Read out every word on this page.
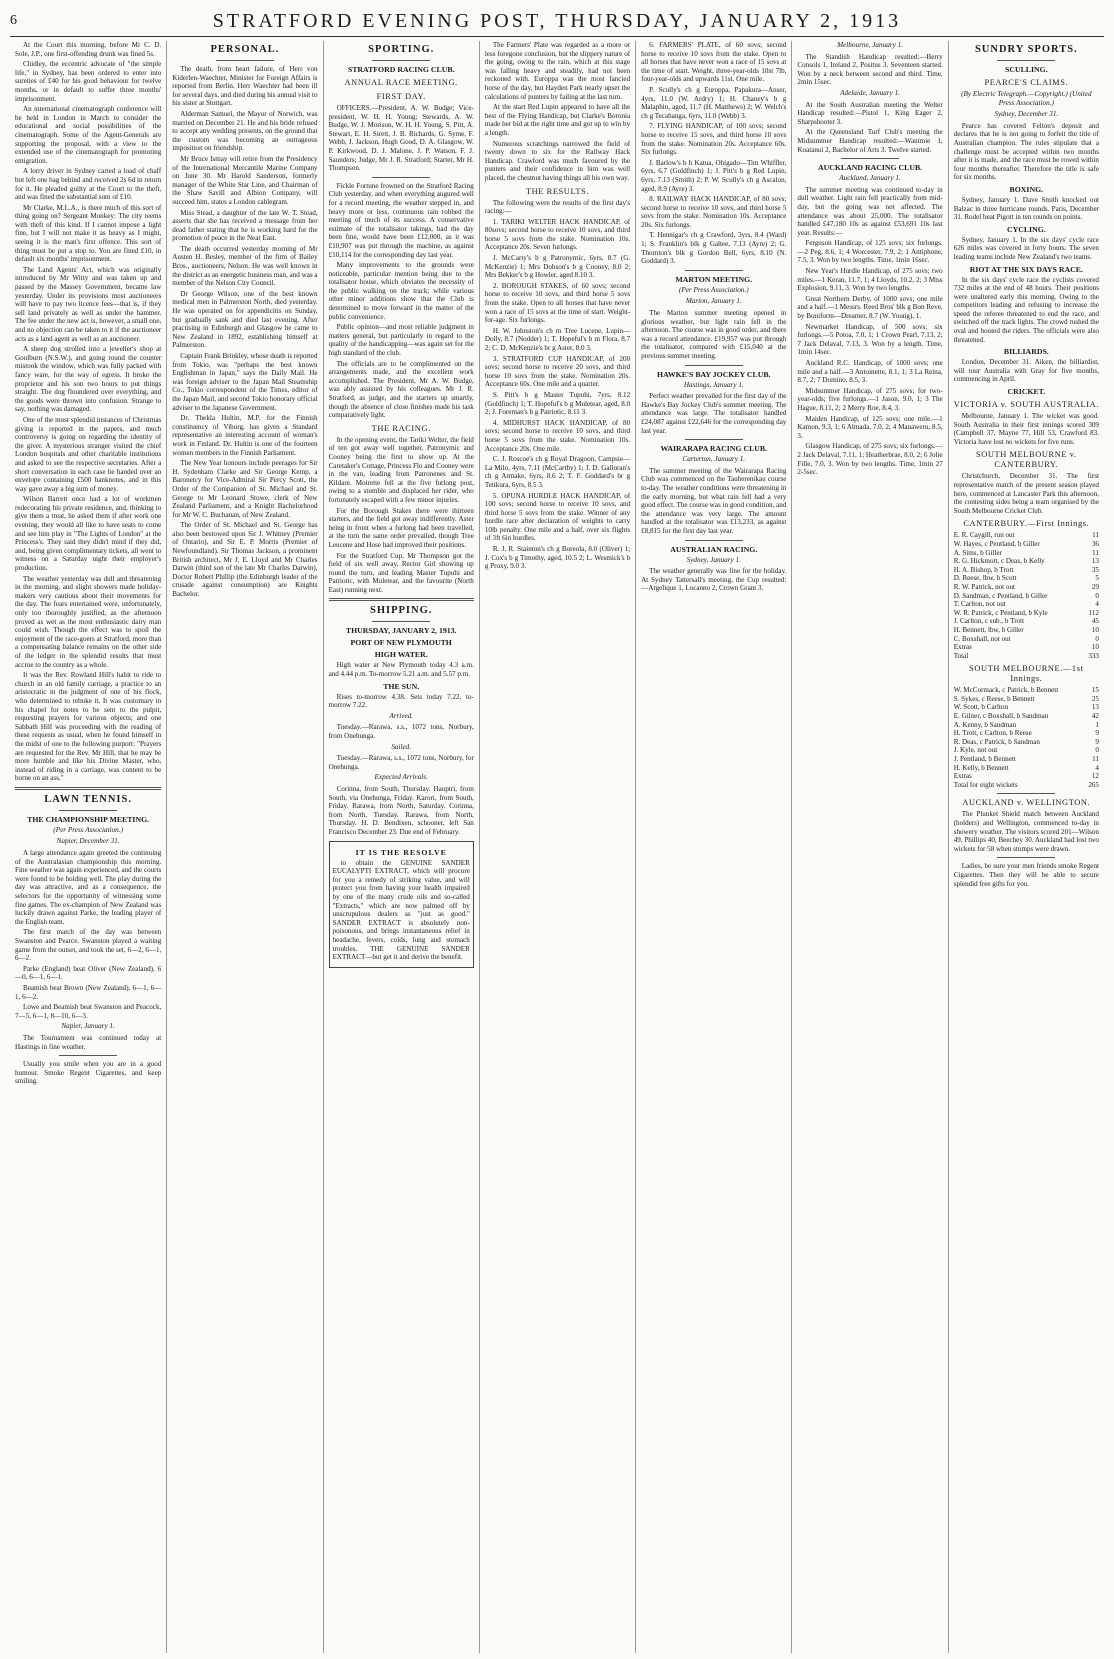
6	STRATFORD EVENING POST, THURSDAY, JANUARY 2, 1913

At the Court this morning, before Mr C. D. Sole, J.P., one first-offending drunk was fined 5s.

Chidley, the eccentric advocate of "the simple life," in Sydney, has been ordered to enter into sureties of £40 for his good behaviour for twelve months, or in default to suffer three months' imprisonment.

An international cinematograph conference will be held in London in March to consider the educational and social possibilities of the cinematograph. Some of the Agent-Generals are supporting the proposal, with a view to the extended use of the cinematograph for promoting emigration.

A lorry driver in Sydney carted a load of chaff but left one bag behind and received 2s 6d in return for it. He pleaded guilty at the Court to the theft, and was fined the substantial sum of £10.

Mr Clarke, M.L.A., is there much of this sort of thing going on? Sergeant Monkey: The city teems with theft of this kind. If I cannot impose a light fine, but I will not make it as heavy as I might, seeing it is the man's first offence. This sort of thing must be put a stop to. You are fined £10, in default six months' imprisonment.

The Land Agents' Act, which was originally introduced by Mr Witty and was taken up and passed by the Massey Government, became law yesterday. Under its provisions most auctioneers will have to pay two licence fees—that is, if they sell land privately as well as under the hammer. The fee under the new act is, however, a small one, and no objection can be taken to it if the auctioneer acts as a land agent as well as an auctioneer.

A sheep dog strolled into a jeweller's shop at Goulburn (N.S.W.), and going round the counter mistook the window, which was fully packed with fancy ware, for the way of egress. It broke the proprietor and his son two hours to put things straight. The dog floundered over everything, and the goods were thrown into confusion. Strange to say, nothing was damaged.

One of the most splendid instances of Christmas giving is reported in the papers, and much controversy is going on regarding the identity of the giver. A mysterious stranger visited the chief London hospitals and other charitable institutions and asked to see the respective secretaries. After a short conversation in each case he handed over an envelope containing £500 banknotes, and in this way gave away a big sum of money.

Wilson Barrett once had a lot of workmen redecorating his private residence, and, thinking to give them a treat, he asked them if after work one evening, they would all like to have seats to come and see him play in "The Lights of London" at the Princess's. They said they didn't mind if they did, and, being given complimentary tickets, all went to witness on a Saturday night their employer's production.

The weather yesterday was dull and threatening in the morning, and slight showers made holiday-makers very cautious about their movements for the day. The fears entertained were, unfortunately, only too thoroughly justified, as the afternoon proved as wet as the most enthusiastic dairy man could wish. Though the effect was to spoil the enjoyment of the race-goers at Stratford, more than a compensating balance remains on the other side of the ledger in the splendid results that must accrue to the country as a whole.

It was the Rev. Rowland Hill's habit to ride to church in an old family carriage, a practice to an aristocratic in the judgment of one of his flock, who determined to rebuke it. It was customary in his chapel for notes to be sent to the pulpit, requesting prayers for various objects; and one Sabbath Hill was proceeding with the reading of these requests as usual, when he found himself in the midst of one to the following purport: "Prayers are requested for the Rev. Mr Hill, that he may be more humble and like his Divine Master, who, instead of riding in a carriage, was content to be borne on an ass."

LAWN TENNIS.
THE CHAMPIONSHIP MEETING.
(Per Press Association.)
Napier, December 31.

A large attendance again greeted the continuing of the Australasian championship this morning. Fine weather was again experienced, and the courts were found to be holding well. The play during the day was attractive, and as a consequence, the selectors for the opportunity of witnessing some fine games. The ex-champion of New Zealand was luckily drawn against Parke, the leading player of the English team.

The first match of the day was between Swanston and Pearce. Swanston played a waiting game from the outset, and took the set, 6—2, 6—1, 6—2.

Parke (England) beat Oliver (New Zealand), 6—0, 6—1, 6—1.

Beamish beat Brown (New Zealand), 6—1, 6—1, 6—2.

Lowe and Beamish beat Swanston and Peacock, 7—5, 6—1, 8—10, 6—3.

Napier, January 1.

The Tournament was continued today at Hastings in fine weather.

Usually you smile when you are in a good humour. Smoke Regent Cigarettes, and keep smiling.

PERSONAL.

The death, from heart failure, of Herr von Kiderlen-Waechter, Minister for Foreign Affairs is reported from Berlin. Herr Waechter had been ill for several days, and died during his annual visit to his sister at Stuttgart.

Alderman Samuel, the Mayor of Norwich, was married on December 21. He and his bride refused to accept any wedding presents, on the ground that the custom was becoming an outrageous imposition on friendship.

Mr Bruce Ismay will retire from the Presidency of the International Mercantile Marine Company on June 30. Mr Harold Sanderson, formerly manager of the White Star Line, and Chairman of the Shaw Savill and Albion Company, will succeed him, states a London cablegram.

Miss Stead, a daughter of the late W. T. Stead, asserts that she has received a message from her dead father stating that he is working hard for the promotion of peace in the Near East.

The death occurred yesterday morning of Mr Austen H. Besley, member of the firm of Bailey Bros., auctioneers, Nelson. He was well known in the district as an energetic business man, and was a member of the Nelson City Council.

Dr George Wilson, one of the best known medical men in Palmerston North, died yesterday. He was operated on for appendicitis on Sunday, but gradually sank and died last evening. After practising in Edinburgh and Glasgow he came to New Zealand in 1892, establishing himself at Palmerston.

Captain Frank Brinkley, whose death is reported from Tokio, was "perhaps the best known Englishman in Japan," says the Daily Mail. He was foreign adviser to the Japan Mail Steamship Co., Tokio correspondent of the Times, editor of the Japan Mail, and second Tokio honorary official adviser to the Japanese Government.

Dr. Thekla Hultin, M.P. for the Finnish constituency of Viborg, has given a Standard representative an interesting account of woman's work in Finland. Dr. Hultin is one of the fourteen women members in the Finnish Parliament.

The New Year honours include peerages for Sir H. Sydenham Clarke and Sir George Kemp, a Baronetcy for Vice-Admiral Sir Percy Scott, the Order of the Companion of St. Michael and St. George to Mr Leonard Stowe, clerk of New Zealand Parliament, and a Knight Bachelorhood for Mr W. C. Buchanan, of New Zealand.

The Order of St. Michael and St. George has also been bestowed upon Sir J. Whitney (Premier of Ontario), and Sir E. P. Morris (Premier of Newfoundland). Sir Thomas Jackson, a prominent British architect, Mr J. E. Lloyd and Mr Charles Darwin (third son of the late Mr Charles Darwin), Doctor Robert Phillip (the Edinburgh leader of the crusade against consumption) are Knights Bachelor.

SPORTING.
STRATFORD RACING CLUB.
ANNUAL RACE MEETING.
FIRST DAY.

OFFICERS.—President, A. W. Budge; Vice-president, W. H. H. Young; Stewards, A. W. Budge, W. J. Morison, W. H. H. Young, S. Pitt, A. Stewart, E. H. Sirett, J. B. Richards, G. Syme, F. Webb, J. Jackson, Hugh Good, D. A. Glasgow, W. P. Kirkwood, D. J. Malone, J. P. Watson, F. J. Saunders; Judge, Mr J. R. Stratford; Starter, Mr H. Thompson.

Fickle Fortune frowned on the Stratford Racing Club yesterday, and when everything augured well for a record meeting, the weather stepped in, and heavy more or less, continuous rain robbed the meeting of much of its success. A conservative estimate of the totalisator takings, had the day been fine, would have been £12,000, as it was £10,907 was put through the machine, as against £10,114 for the corresponding day last year.

Many improvements to the grounds were noticeable, particular mention being due to the totalisator house, which obviates the necessity of the public walking on the track; while various other minor additions show that the Club is determined to move forward in the matter of the public convenience.

Public opinion—and most reliable judgment in matters general, but particularly in regard to the quality of the handicapping—was again set for the high standard of the club.

The officials are to be complimented on the arrangements made, and the excellent work accomplished. The President, Mr A. W. Budge, was ably assisted by his colleagues. Mr J. R. Stratford, as judge, and the starters up smartly, though the absence of close finishes made his task comparatively light.

THE RACING.

In the opening event, the Tariki Welter, the field of ten got away well together, Patronymic and Cooney being the first to show up. At the Caretaker's Cottage, Princess Flo and Cooney were in the van, leading from Patronenes and St. Kildare. Moirette fell at the five furlong post, owing to a stumble and displaced her rider, who fortunately escaped with a few minor injuries.

For the Borough Stakes there were thirteen starters, and the field got away indifferently. Aster being in front when a furlong had been travelled, at the turn the same order prevailed, though Tree Leucene and Hose had improved their positions.

For the Stratford Cup, Mr Thompson got the field of six well away, Rector Girl showing up round the turn, and leading Master Tupuhi and Patriotic, with Muletear, and the favourite (North East) running next.

SHIPPING.
THURSDAY, JANUARY 2, 1913.
PORT OF NEW PLYMOUTH
HIGH WATER.

High water at New Plymouth today 4.3 a.m. and 4.44 p.m. To-morrow 5.21 a.m. and 5.57 p.m.

THE SUN.

Rises to-morrow 4.38. Sets today 7.22, to-morrow 7.22.

Arrived.

Tuesday.—Rarawa, s.s., 1072 tons, Norbury, from Onehunga.

Sailed.

Tuesday.—Rarawa, s.s., 1072 tons, Norbury, for Onehunga.

Expected Arrivals.

Corinna, from South, Thursday. Hauptri, from South, via Onehunga, Friday. Karori, from South, Friday. Rarawa, from North, Saturday. Corinna, from North, Tuesday. Rarawa, from North, Thursday. H. D. Bendixen, schooner, left San Francisco December 23. Due end of February.

IT IS THE RESOLVE

to obtain the GENUINE SANDER EUCALYPTI EXTRACT, which will procure for you a remedy of striking value, and will protect you from having your health impaired by one of the many crude oils and so-called "Extracts," which are now palmed off by unscrupulous dealers as "just as good." SANDER EXTRACT is absolutely non-poisonous, and brings instantaneous relief in headache, fevers, colds, lung and stomach troubles. THE GENUINE SANDER EXTRACT—but get it and derive the benefit.

The Farmers' Plate was regarded as a more or less foregone conclusion, but the slippery nature of the going, owing to the rain, which at this stage was falling heavy and steadily, had not been reckoned with. Europpa was the most fancied horse of the day, but Hayden Park nearly upset the calculations of punters by failing at the last turn.

At the start Red Lupin appeared to have all the best of the Flying Handicap, but Clarke's Boronia made her bid at the right time and got up to win by a length.

Numerous scratchings narrowed the field of twenty down to six for the Railway Hack Handicap. Crawford was much favoured by the punters and their confidence in him was well placed, the chestnut having things all his own way.

THE RESULTS.

The following were the results of the first day's racing:—

1. TARIKI WELTER HACK HANDICAP, of 80sovs; second horse to receive 10 sovs, and third horse 5 sovs from the stake. Nomination 10s. Acceptance 20s. Seven furlongs.

J. McCarty's b g Patronymic, 6yrs, 8.7 (G. McKenzie) 1; Mrs Dobson's b g Cooney, 8.0 2; Mrs Bekker's b g Howler, aged 8.10 3.

2. BOROUGH STAKES, of 60 sovs; second horse to receive 10 sovs, and third horse 5 sovs from the stake. Open to all horses that have never won a race of 15 sovs at the time of start. Weight-for-age. Six furlongs.

H. W. Johnston's ch m Tree Lucene, Lupin—Dolly, 8.7 (Nodder) 1; T. Hopeful's b m Flora, 8.7 2; C. D. McKenzie's br g Aster, 8.0 3.

3. STRATFORD CUP HANDICAP, of 200 sovs; second horse to receive 20 sovs, and third horse 10 sovs from the stake. Nomination 20s. Acceptance 60s. One mile and a quarter.

S. Pitt's b g Master Tupuhi, 7yrs, 8.12 (Goldfinch) 1; T. Hopeful's b g Muletear, aged, 8.0 2; J. Foreman's b g Patriotic, 8.11 3.

4. MIDHURST HACK HANDICAP, of 80 sovs; second horse to receive 10 sovs, and third horse 5 sovs from the stake. Nomination 10s. Acceptance 20s. One mile.

C. J. Roscoe's ch g Royal Dragoon, Campsie—La Milo, 4yrs, 7.11 (McCarthy) 1; J. D. Galloran's ch g Armake, 6yrs, 8.6 2; T. F. Goddard's br g Tetikura, 6yrs, 8.5 3.

5. OPUNA HURDLE HACK HANDICAP, of 100 sovs; second horse to receive 10 sovs, and third horse 5 sovs from the stake. Winner of any hurdle race after declaration of weights to carry 10lb penalty. One mile and a half, over six flights of 3ft 6in hurdles.

R. J. R. Stainton's ch g Boreola, 8.0 (Oliver) 1; J. Cox's b g Timothy, aged, 10.5 2; L. Wesmick's b g Proxy, 9.0 3.

6. FARMERS' PLATE, of 60 sovs; second horse to receive 10 sovs from the stake. Open to all horses that have never won a race of 15 sovs at the time of start. Weight, three-year-olds 10st 7lb, four-year-olds and upwards 11st. One mile.

P. Scully's ch g Europpa, Papakura—Anser, 4yrs, 11.0 (W. Ardry) 1; H. Chaney's b g Malaphin, aged, 11.7 (H. Matthews) 2; W. Welch's ch g Tecahanga, 6yrs, 11.0 (Webb) 3.

7. FLYING HANDICAP, of 100 sovs; second horse to receive 15 sovs, and third horse 10 sovs from the stake. Nomination 20s. Acceptance 60s. Six furlongs.

J. Barlow's b h Katua, Ohigado—Tim Whiffler, 6yrs, 6.7 (Goldfinch) 1; J. Pitt's b g Red Lupin, 6yrs, 7.13 (Smith) 2; P. W. Scully's ch g Ascalon, aged, 8.9 (Ayre) 3.

8. RAILWAY HACK HANDICAP, of 80 sovs; second horse to receive 10 sovs, and third horse 5 sovs from the stake. Nomination 10s. Acceptance 20s. Six furlongs.

T. Hennigar's ch g Crawford, 3yrs, 8.4 (Ward) 1; S. Franklin's blk g Galtee, 7.13 (Ayre) 2; G. Thornton's blk g Gordon Bell, 6yrs, 8.10 (N. Goddard) 3.

MARTON MEETING.
(Per Press Association.)
Marton, January 1.

The Marton summer meeting opened in glorious weather, but light rain fell in the afternoon. The course was in good order, and there was a record attendance. £19,957 was put through the totalisator, compared with £15,040 at the previous summer meeting.

HAWKE'S BAY JOCKEY CLUB.
Hastings, January 1.

Perfect weather prevailed for the first day of the Hawke's Bay Jockey Club's summer meeting. The attendance was large. The totalisator handled £24,087 against £22,646 for the corresponding day last year.

WAIRARAPA RACING CLUB.
Carterton, January 1.

The summer meeting of the Wairarapa Racing Club was commenced on the Tauherenikau course to-day. The weather conditions were threatening in the early morning, but what rain fell had a very good effect. The course was in good condition, and the attendance was very large. The amount handled at the totalisator was £13,233, as against £8,815 for the first day last year.

AUSTRALIAN RACING.
Sydney, January 1.

The weather generally was fine for the holiday. At Sydney Tattersall's meeting, the Cup resulted:—Argelique 1, Locanno 2, Crown Grant 3.

Melbourne, January 1.

The Standish Handicap resulted:—Berry Consols 1, Ireland 2, Positus 3. Seventeen started. Won by a neck between second and third. Time, 2min 15sec.

Adelaide, January 1.

At the South Australian meeting the Welter Handicap resulted:—Pistol 1, King Eager 2, Sharpshooter 3.

At the Queensland Turf Club's meeting the Midsummer Handicap resulted:—Wanimie 1, Koatanui 2, Bachelor of Arts 3. Twelve started.

AUCKLAND RACING CLUB.
Auckland, January 1.

The summer meeting was continued to-day in dull weather. Light rain fell practically from mid-day, but the going was not affected. The attendance was about 25,000. The totalisator handled £47,180 10s as against £53,691 10s last year. Results:—

Ferguson Handicap, of 125 sovs; six furlongs.—2 Peg, 8.6, 1; 4 Worcester, 7.9, 2; 1 Antiphone, 7.5, 3. Won by two lengths. Time, 1min 16sec.

New Year's Hurdle Handicap, of 275 sovs; two miles.—1 Keran, 11.7, 1; 4 Lloyds, 10.2, 2; 3 Miss Explosion, 9.11, 3. Won by two lengths.

Great Northern Derby, of 1000 sovs; one mile and a half.—1 Messrs. Reed Bros' blk g Bon Reve, by Boniform—Dreamer, 8.7 (W. Young), 1.

Newmarket Handicap, of 500 sovs; six furlongs.—5 Potoa, 7.0, 1; 1 Crown Pearl, 7.13, 2; 7 Jack Delaval, 7.13, 3. Won by a length. Time, 1min 14sec.

Auckland R.C. Handicap, of 1000 sovs; one mile and a half.—3 Antoinette, 8.1, 1; 3 La Reina, 8.7, 2; 7 Domino, 8.5, 3.

Midsummer Handicap, of 275 sovs; for two-year-olds; five furlongs.—1 Jason, 9.0, 1; 3 The Hague, 8.11, 2; 2 Merry Roe, 8.4, 3.

Maiden Handicap, of 125 sovs; one mile.—1 Kamon, 9.3, 1; 6 Almada, 7.0, 2; 4 Manaweru, 8.5, 3.

Glasgow Handicap, of 275 sovs; six furlongs.—2 Jack Delaval, 7.11, 1; Heatherbrae, 8.0, 2; 6 Jolie Fille, 7.0, 3. Won by two lengths. Time, 1min 27 2-5sec.

SUNDRY SPORTS.
SCULLING.
PEARCE'S CLAIMS.
(By Electric Telegraph.—Copyright.) (United Press Association.)
Sydney, December 31.

Pearce has covered Felton's deposit and declares that he is not going to forfeit the title of Australian champion. The rules stipulate that a challenge must be accepted within two months after it is made, and the race must be rowed within four months thereafter. Therefore the title is safe for six months.

BOXING.

Sydney, January 1. Dave Smith knocked out Balzac in three hurricane rounds. Paris, December 31. Rodel beat Pigott in ten rounds on points.

CYCLING.

Sydney, January 1. In the six days' cycle race 626 miles was covered in forty hours. The seven leading teams include New Zealand's two teams.

RIOT AT THE SIX DAYS RACE.

In the six days' cycle race the cyclists covered 732 miles at the end of 48 hours. Their positions were unaltered early this morning. Owing to the competitors leading and refusing to increase the speed the referee threatened to end the race, and switched off the track lights. The crowd rushed the oval and booted the riders. The officials were also threatened.

BILLIARDS.

London, December 31. Aiken, the billiardist, will tour Australia with Gray for five months, commencing in April.

CRICKET.
VICTORIA v. SOUTH AUSTRALIA.

Melbourne, January 1. The wicket was good. South Australia in their first innings scored 309 (Campbell 37, Mayne 77, Hill 53, Crawford 83. Victoria have lost no wickets for five runs.

SOUTH MELBOURNE v. CANTERBURY.

Christchurch, December 31. The first representative match of the present season played here, commenced at Lancaster Park this afternoon, the contesting sides being a team organised by the South Melbourne Cricket Club.

CANTERBURY.—First Innings.
E. R. Caygill, run out	11
W. Hayes, c Pentland, b Giller	36
A. Sims, b Giller	11
R. G. Hickmott, c Deas, b Kelly	13
H. A. Bishop, b Trott	35
D. Reese, lbw, b Scott	5
R. W. Patrick, not out	29
D. Sandman, c Pentland, b Giller	0
T. Carlton, not out	4
W. R. Patrick, c Pentland, b Kyle	112
J. Carlton, c sub., b Trott	45
H. Bennett, lbw, b Giller	10
C. Boxshall, not out	0
Extras	10
Total	333
SOUTH MELBOURNE.—1st Innings.
W. McCormack, c Patrick, b Bennett	15
S. Sykes, c Reese, b Bennett	25
W. Scott, b Carlton	13
E. Gilner, c Boxshall, b Sandman	42
A. Kenny, b Sandman	1
H. Trott, c Carlton, b Reese	9
R. Deas, c Patrick, b Sandman	9
J. Kyle, not out	0
J. Pentland, b Bennett	11
H. Kelly, b Bennett	4
Extras	12
Total for eight wickets	265
AUCKLAND v. WELLINGTON.

The Plunket Shield match between Auckland (holders) and Wellington, commenced to-day in showery weather. The visitors scored 201—Wilson 49, Phillips 40, Beechey 30. Auckland had lost two wickets for 58 when stumps were drawn.

Ladies, be sure your men friends smoke Regent Cigarettes. Then they will be able to secure splendid free gifts for you.
